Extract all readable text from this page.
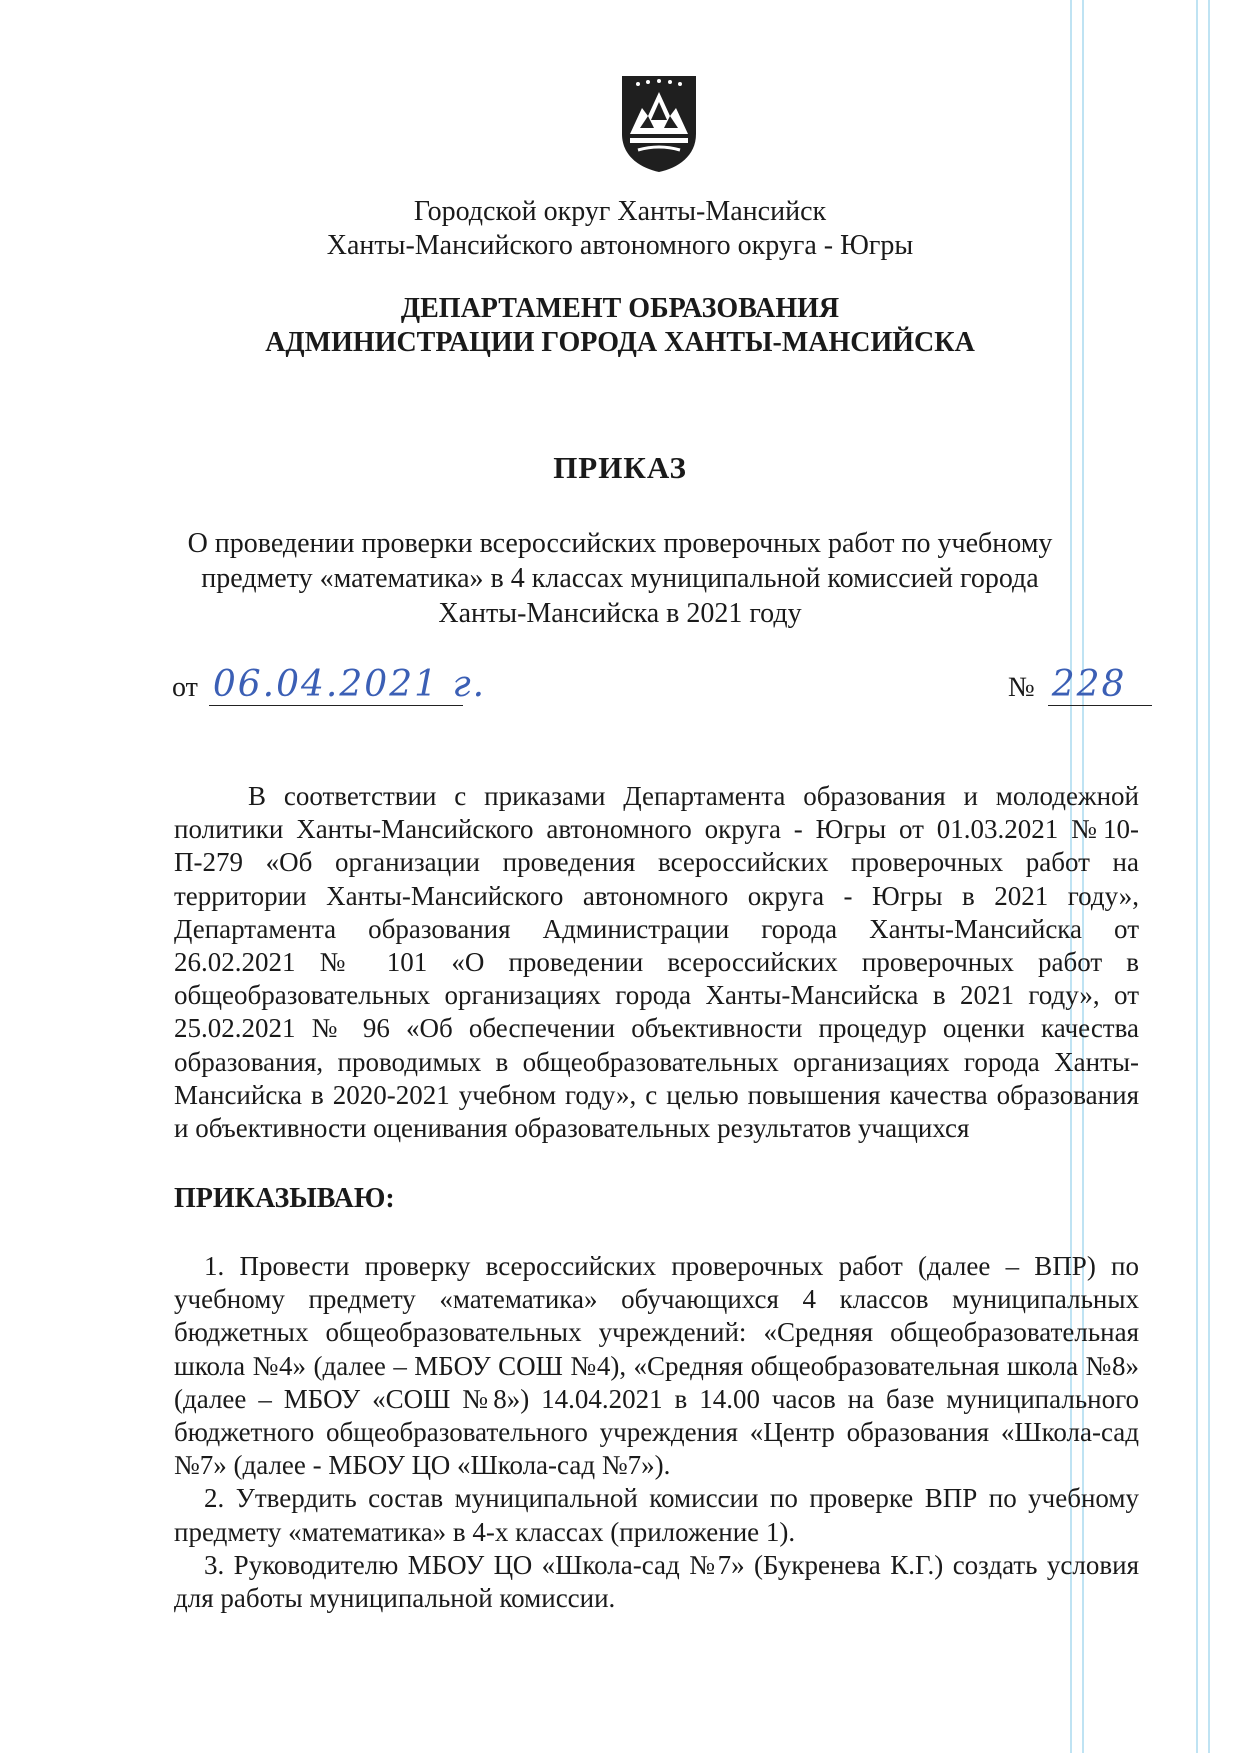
Городской округ Ханты-Мансийск
Ханты-Мансийского автономного округа - Югры
ДЕПАРТАМЕНТ ОБРАЗОВАНИЯ
АДМИНИСТРАЦИИ ГОРОДА ХАНТЫ-МАНСИЙСКА
ПРИКАЗ
О проведении проверки всероссийских проверочных работ по учебному
предмету «математика» в 4 классах муниципальной комиссией города
Ханты-Мансийска в 2021 году
от 06.04.2021 г.	№ 228
В соответствии с приказами Департамента образования и молодежной политики Ханты-Мансийского автономного округа - Югры от 01.03.2021 №10-П-279 «Об организации проведения всероссийских проверочных работ на территории Ханты-Мансийского автономного округа - Югры в 2021 году», Департамента образования Администрации города Ханты-Мансийска от 26.02.2021 № 101 «О проведении всероссийских проверочных работ в общеобразовательных организациях города Ханты-Мансийска в 2021 году», от 25.02.2021 № 96 «Об обеспечении объективности процедур оценки качества образования, проводимых в общеобразовательных организациях города Ханты-Мансийска в 2020-2021 учебном году», с целью повышения качества образования и объективности оценивания образовательных результатов учащихся
ПРИКАЗЫВАЮ:

1. Провести проверку всероссийских проверочных работ (далее – ВПР) по учебному предмету «математика» обучающихся 4 классов муниципальных бюджетных общеобразовательных учреждений: «Средняя общеобразовательная школа №4» (далее – МБОУ СОШ №4), «Средняя общеобразовательная школа №8» (далее – МБОУ «СОШ №8») 14.04.2021 в 14.00 часов на базе муниципального бюджетного общеобразовательного учреждения «Центр образования «Школа-сад №7» (далее - МБОУ ЦО «Школа-сад №7»).

2. Утвердить состав муниципальной комиссии по проверке ВПР по учебному предмету «математика» в 4-х классах (приложение 1).

3. Руководителю МБОУ ЦО «Школа-сад №7» (Букренева К.Г.) создать условия для работы муниципальной комиссии.
